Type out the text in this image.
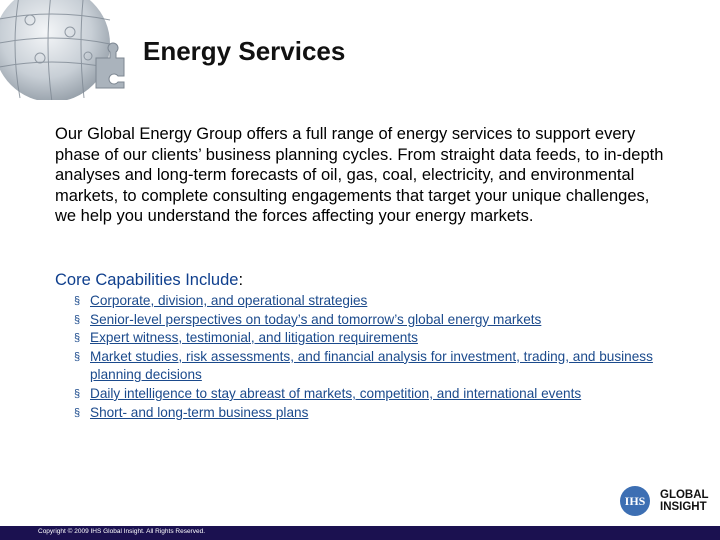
Energy Services

Our Global Energy Group offers a full range of energy services to support every phase of our clients’ business planning cycles. From straight data feeds, to in-depth analyses and long-term forecasts of oil, gas, coal, electricity, and environmental markets, to complete consulting engagements that target your unique challenges, we help you understand the forces affecting your energy markets.

Core Capabilities Include:
§ Corporate, division, and operational strategies
§ Senior-level perspectives on today’s and tomorrow’s global energy markets
§ Expert witness, testimonial, and litigation requirements
§ Market studies, risk assessments, and financial analysis for investment, trading, and business planning decisions
§ Daily intelligence to stay abreast of markets, competition, and international events
§ Short- and long-term business plans
IHS	GLOBAL
INSIGHT
Copyright © 2009 IHS Global Insight. All Rights Reserved.
